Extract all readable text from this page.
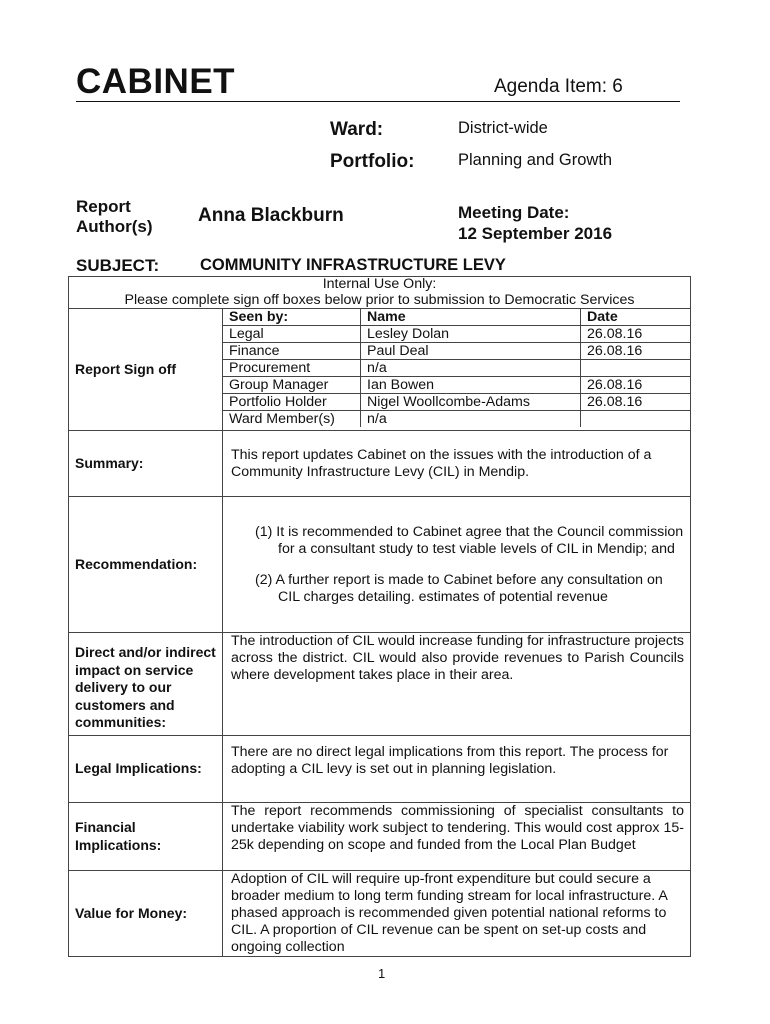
CABINET	Agenda Item: 6
Ward:	District-wide
Portfolio:	Planning and Growth
Report
Author(s)
Anna Blackburn	Meeting Date:
12 September 2016
SUBJECT: COMMUNITY INFRASTRUCTURE LEVY
Internal Use Only:
Please complete sign off boxes below prior to submission to Democratic Services

Report Sign off	
Seen by:	Name	Date
Legal	Lesley Dolan	26.08.16
Finance	Paul Deal	26.08.16
Procurement	n/a	
Group Manager	Ian Bowen	26.08.16
Portfolio Holder	Nigel Woollcombe-Adams	26.08.16
Ward Member(s)	n/a	

Summary:	This report updates Cabinet on the issues with the introduction of a Community Infrastructure Levy (CIL) in Mendip.
Recommendation:	

(1) It is recommended to Cabinet agree that the Council commission for a consultant study to test viable levels of CIL in Mendip; and

(2) A further report is made to Cabinet before any consultation on CIL charges detailing. estimates of potential revenue

Direct and/or indirect impact on service delivery to our customers and communities:	The introduction of CIL would increase funding for infrastructure projects across the district. CIL would also provide revenues to Parish Councils where development takes place in their area.
Legal Implications:	There are no direct legal implications from this report. The process for adopting a CIL levy is set out in planning legislation.
Financial Implications:	The report recommends commissioning of specialist consultants to undertake viability work subject to tendering. This would cost approx 15-25k depending on scope and funded from the Local Plan Budget
Value for Money:	Adoption of CIL will require up-front expenditure but could secure a broader medium to long term funding stream for local infrastructure. A phased approach is recommended given potential national reforms to CIL. A proportion of CIL revenue can be spent on set-up costs and ongoing collection
1
